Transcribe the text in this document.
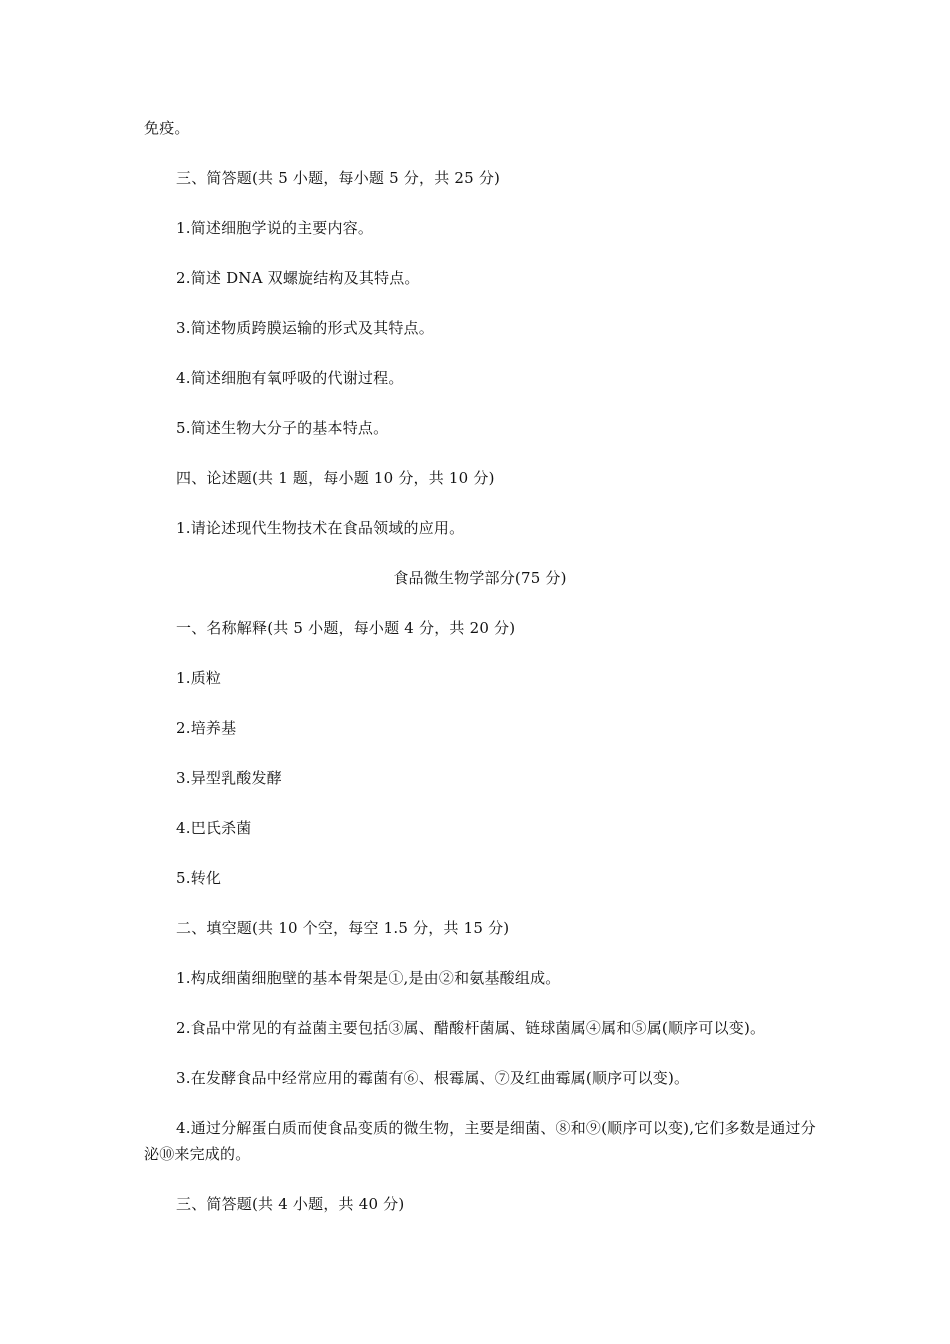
免疫。

三、简答题(共 5 小题，每小题 5 分，共 25 分)

1.简述细胞学说的主要内容。

2.简述 DNA 双螺旋结构及其特点。

3.简述物质跨膜运输的形式及其特点。

4.简述细胞有氧呼吸的代谢过程。

5.简述生物大分子的基本特点。

四、论述题(共 1 题，每小题 10 分，共 10 分)

1.请论述现代生物技术在食品领域的应用。

食品微生物学部分(75 分)

一、名称解释(共 5 小题，每小题 4 分，共 20 分)

1.质粒

2.培养基

3.异型乳酸发酵

4.巴氏杀菌

5.转化

二、填空题(共 10 个空，每空 1.5 分，共 15 分)

1.构成细菌细胞壁的基本骨架是①,是由②和氨基酸组成。

2.食品中常见的有益菌主要包括③属、醋酸杆菌属、链球菌属④属和⑤属(顺序可以变)。

3.在发酵食品中经常应用的霉菌有⑥、根霉属、⑦及红曲霉属(顺序可以变)。

4.通过分解蛋白质而使食品变质的微生物，主要是细菌、⑧和⑨(顺序可以变),它们多数是通过分泌⑩来完成的。

三、简答题(共 4 小题，共 40 分)
